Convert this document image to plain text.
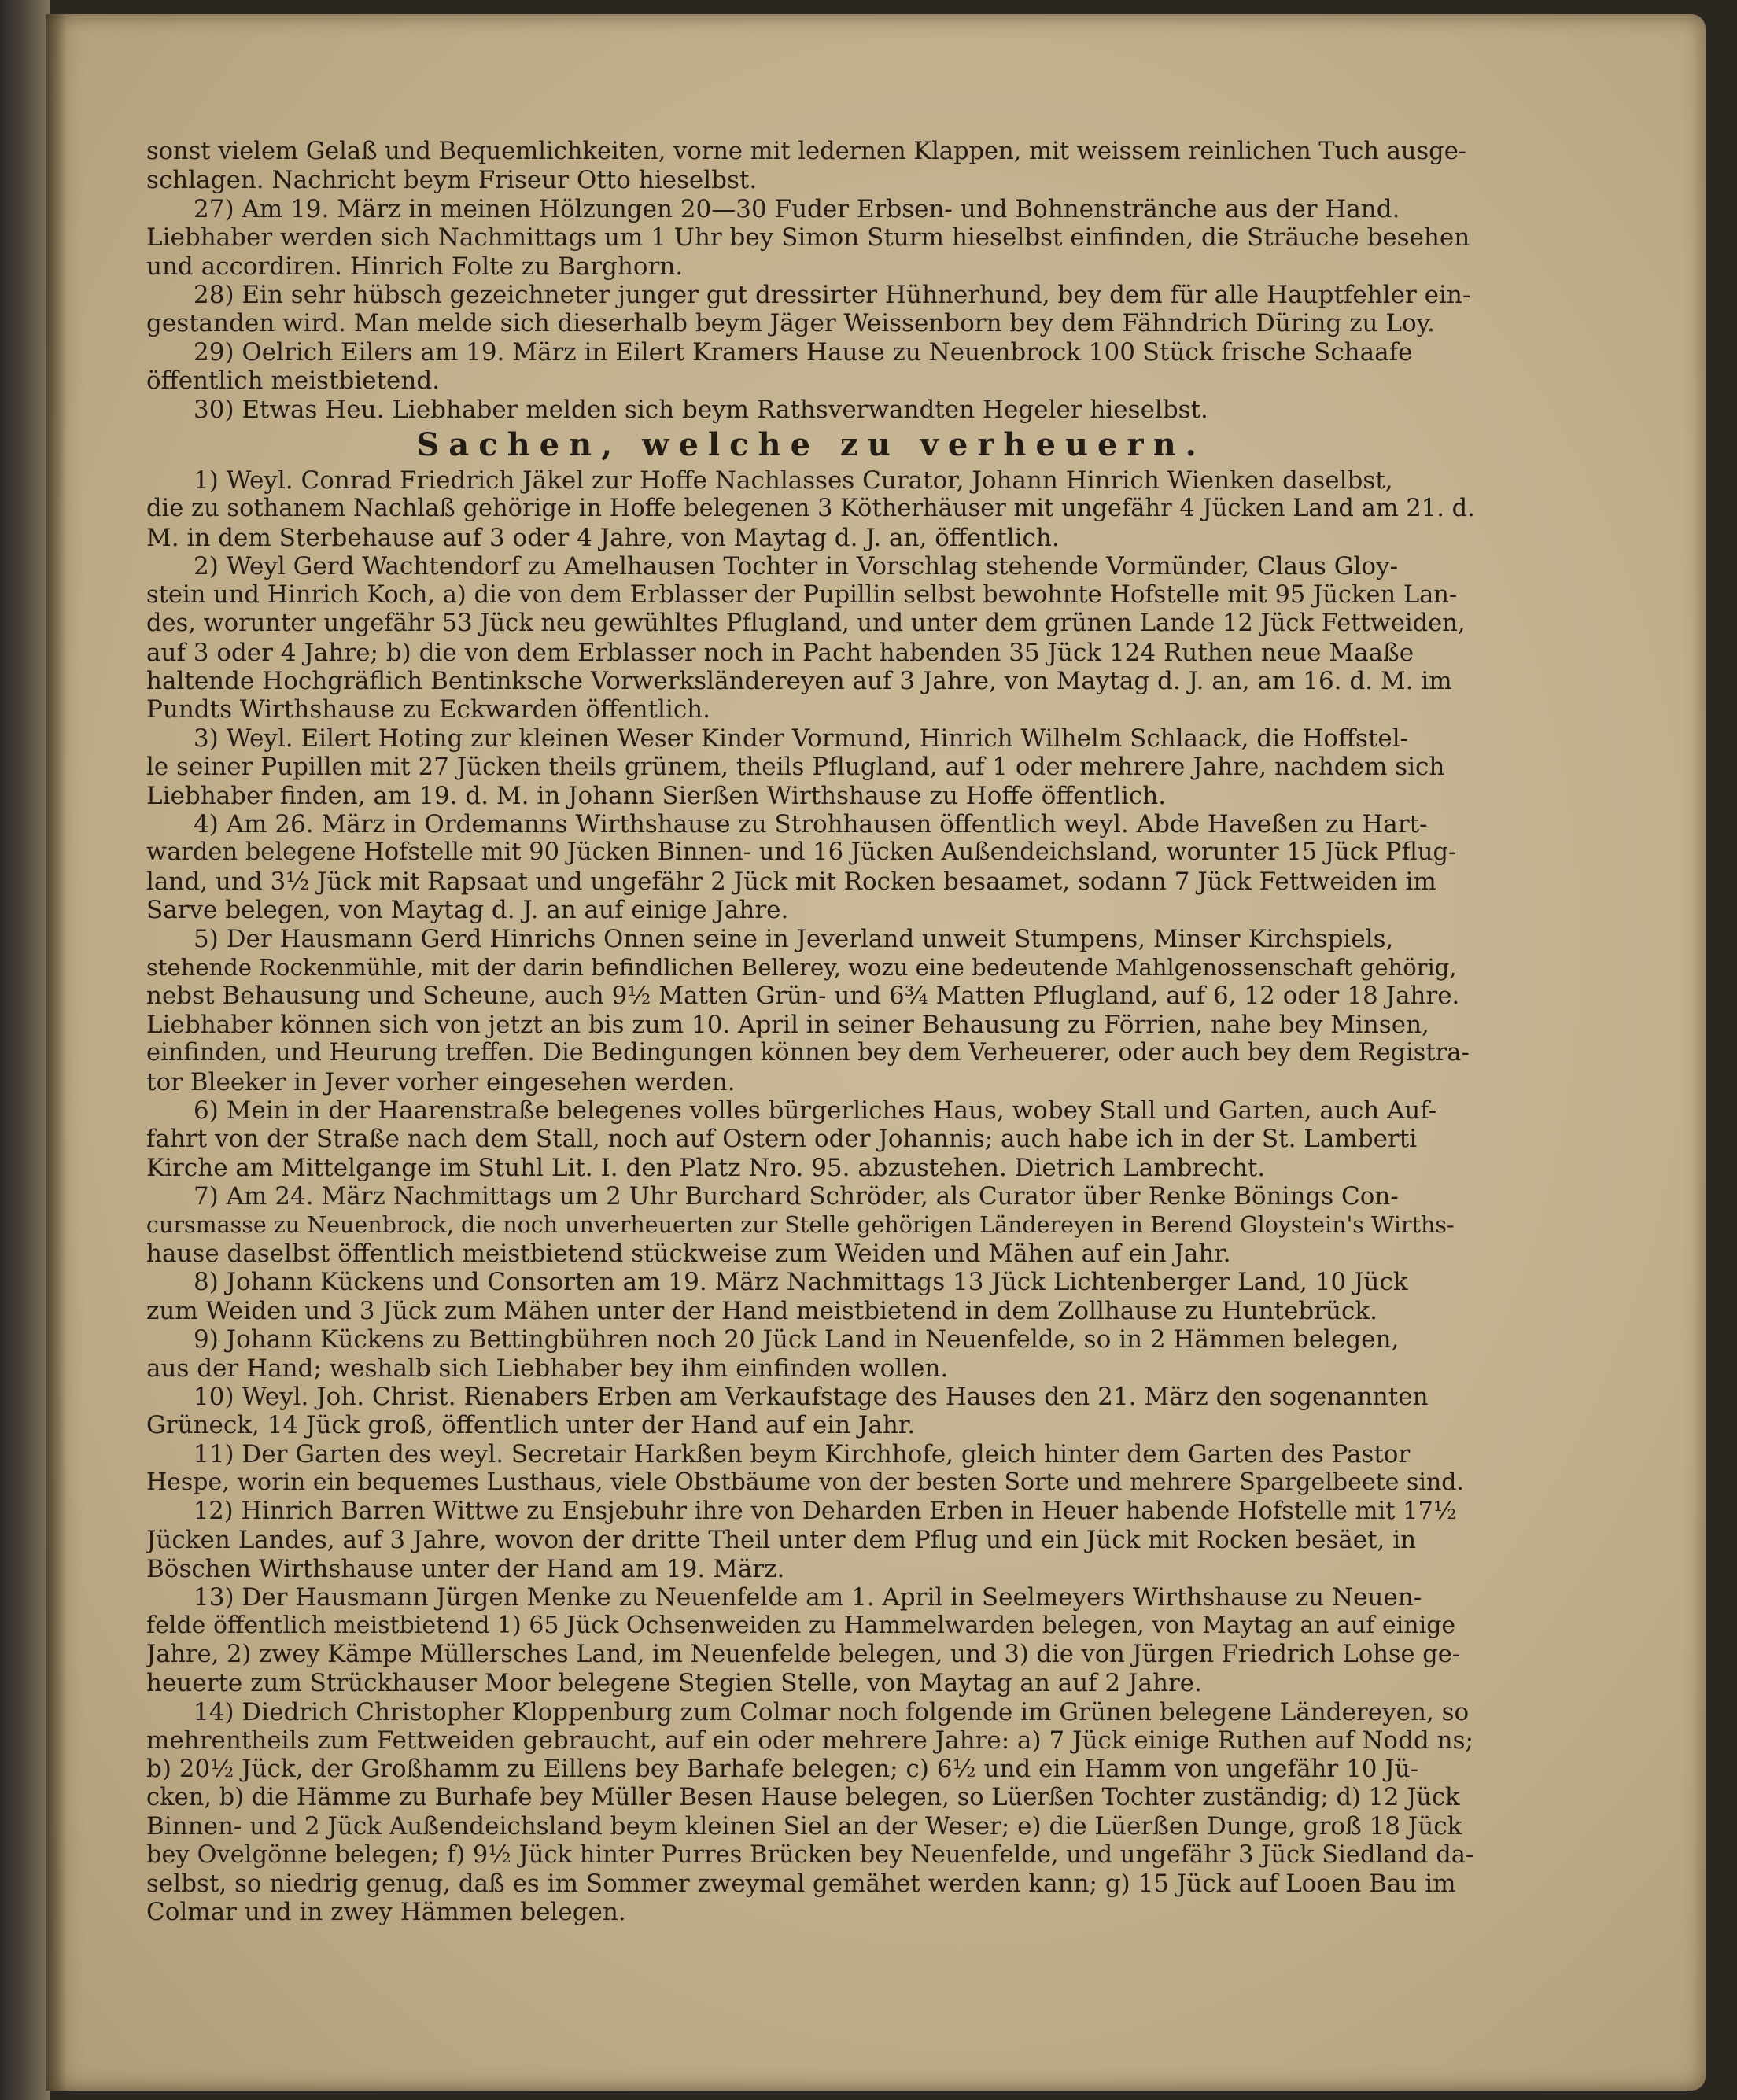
sonst vielem Gelaß und Bequemlichkeiten, vorne mit ledernen Klappen, mit weissem reinlichen Tuch ausge-
schlagen. Nachricht beym Friseur Otto hieselbst.
27) Am 19. März in meinen Hölzungen 20—30 Fuder Erbsen- und Bohnenstränche aus der Hand.
Liebhaber werden sich Nachmittags um 1 Uhr bey Simon Sturm hieselbst einfinden, die Sträuche besehen
und accordiren. Hinrich Folte zu Barghorn.
28) Ein sehr hübsch gezeichneter junger gut dressirter Hühnerhund, bey dem für alle Hauptfehler ein-
gestanden wird. Man melde sich dieserhalb beym Jäger Weissenborn bey dem Fähndrich Düring zu Loy.
29) Oelrich Eilers am 19. März in Eilert Kramers Hause zu Neuenbrock 100 Stück frische Schaafe
öffentlich meistbietend.
30) Etwas Heu. Liebhaber melden sich beym Rathsverwandten Hegeler hieselbst.
Sachen, welche zu verheuern.
1) Weyl. Conrad Friedrich Jäkel zur Hoffe Nachlasses Curator, Johann Hinrich Wienken daselbst,
die zu sothanem Nachlaß gehörige in Hoffe belegenen 3 Kötherhäuser mit ungefähr 4 Jücken Land am 21. d.
M. in dem Sterbehause auf 3 oder 4 Jahre, von Maytag d. J. an, öffentlich.
2) Weyl Gerd Wachtendorf zu Amelhausen Tochter in Vorschlag stehende Vormünder, Claus Gloy-
stein und Hinrich Koch, a) die von dem Erblasser der Pupillin selbst bewohnte Hofstelle mit 95 Jücken Lan-
des, worunter ungefähr 53 Jück neu gewühltes Pflugland, und unter dem grünen Lande 12 Jück Fettweiden,
auf 3 oder 4 Jahre; b) die von dem Erblasser noch in Pacht habenden 35 Jück 124 Ruthen neue Maaße
haltende Hochgräflich Bentinksche Vorwerksländereyen auf 3 Jahre, von Maytag d. J. an, am 16. d. M. im
Pundts Wirthshause zu Eckwarden öffentlich.
3) Weyl. Eilert Hoting zur kleinen Weser Kinder Vormund, Hinrich Wilhelm Schlaack, die Hoffstel-
le seiner Pupillen mit 27 Jücken theils grünem, theils Pflugland, auf 1 oder mehrere Jahre, nachdem sich
Liebhaber finden, am 19. d. M. in Johann Sierßen Wirthshause zu Hoffe öffentlich.
4) Am 26. März in Ordemanns Wirthshause zu Strohhausen öffentlich weyl. Abde Haveßen zu Hart-
warden belegene Hofstelle mit 90 Jücken Binnen- und 16 Jücken Außendeichsland, worunter 15 Jück Pflug-
land, und 3½ Jück mit Rapsaat und ungefähr 2 Jück mit Rocken besaamet, sodann 7 Jück Fettweiden im
Sarve belegen, von Maytag d. J. an auf einige Jahre.
5) Der Hausmann Gerd Hinrichs Onnen seine in Jeverland unweit Stumpens, Minser Kirchspiels,
stehende Rockenmühle, mit der darin befindlichen Bellerey, wozu eine bedeutende Mahlgenossenschaft gehörig,
nebst Behausung und Scheune, auch 9½ Matten Grün- und 6¾ Matten Pflugland, auf 6, 12 oder 18 Jahre.
Liebhaber können sich von jetzt an bis zum 10. April in seiner Behausung zu Förrien, nahe bey Minsen,
einfinden, und Heurung treffen. Die Bedingungen können bey dem Verheuerer, oder auch bey dem Registra-
tor Bleeker in Jever vorher eingesehen werden.
6) Mein in der Haarenstraße belegenes volles bürgerliches Haus, wobey Stall und Garten, auch Auf-
fahrt von der Straße nach dem Stall, noch auf Ostern oder Johannis; auch habe ich in der St. Lamberti
Kirche am Mittelgange im Stuhl Lit. I. den Platz Nro. 95. abzustehen. Dietrich Lambrecht.
7) Am 24. März Nachmittags um 2 Uhr Burchard Schröder, als Curator über Renke Bönings Con-
cursmasse zu Neuenbrock, die noch unverheuerten zur Stelle gehörigen Ländereyen in Berend Gloystein's Wirths-
hause daselbst öffentlich meistbietend stückweise zum Weiden und Mähen auf ein Jahr.
8) Johann Kückens und Consorten am 19. März Nachmittags 13 Jück Lichtenberger Land, 10 Jück
zum Weiden und 3 Jück zum Mähen unter der Hand meistbietend in dem Zollhause zu Huntebrück.
9) Johann Kückens zu Bettingbühren noch 20 Jück Land in Neuenfelde, so in 2 Hämmen belegen,
aus der Hand; weshalb sich Liebhaber bey ihm einfinden wollen.
10) Weyl. Joh. Christ. Rienabers Erben am Verkaufstage des Hauses den 21. März den sogenannten
Grüneck, 14 Jück groß, öffentlich unter der Hand auf ein Jahr.
11) Der Garten des weyl. Secretair Harkßen beym Kirchhofe, gleich hinter dem Garten des Pastor
Hespe, worin ein bequemes Lusthaus, viele Obstbäume von der besten Sorte und mehrere Spargelbeete sind.
12) Hinrich Barren Wittwe zu Ensjebuhr ihre von Deharden Erben in Heuer habende Hofstelle mit 17½
Jücken Landes, auf 3 Jahre, wovon der dritte Theil unter dem Pflug und ein Jück mit Rocken besäet, in
Böschen Wirthshause unter der Hand am 19. März.
13) Der Hausmann Jürgen Menke zu Neuenfelde am 1. April in Seelmeyers Wirthshause zu Neuen-
felde öffentlich meistbietend 1) 65 Jück Ochsenweiden zu Hammelwarden belegen, von Maytag an auf einige
Jahre, 2) zwey Kämpe Müllersches Land, im Neuenfelde belegen, und 3) die von Jürgen Friedrich Lohse ge-
heuerte zum Strückhauser Moor belegene Stegien Stelle, von Maytag an auf 2 Jahre.
14) Diedrich Christopher Kloppenburg zum Colmar noch folgende im Grünen belegene Ländereyen, so
mehrentheils zum Fettweiden gebraucht, auf ein oder mehrere Jahre: a) 7 Jück einige Ruthen auf Nodd ns;
b) 20½ Jück, der Großhamm zu Eillens bey Barhafe belegen; c) 6½ und ein Hamm von ungefähr 10 Jü-
cken, b) die Hämme zu Burhafe bey Müller Besen Hause belegen, so Lüerßen Tochter zuständig; d) 12 Jück
Binnen- und 2 Jück Außendeichsland beym kleinen Siel an der Weser; e) die Lüerßen Dunge, groß 18 Jück
bey Ovelgönne belegen; f) 9½ Jück hinter Purres Brücken bey Neuenfelde, und ungefähr 3 Jück Siedland da-
selbst, so niedrig genug, daß es im Sommer zweymal gemähet werden kann; g) 15 Jück auf Looen Bau im
Colmar und in zwey Hämmen belegen.
